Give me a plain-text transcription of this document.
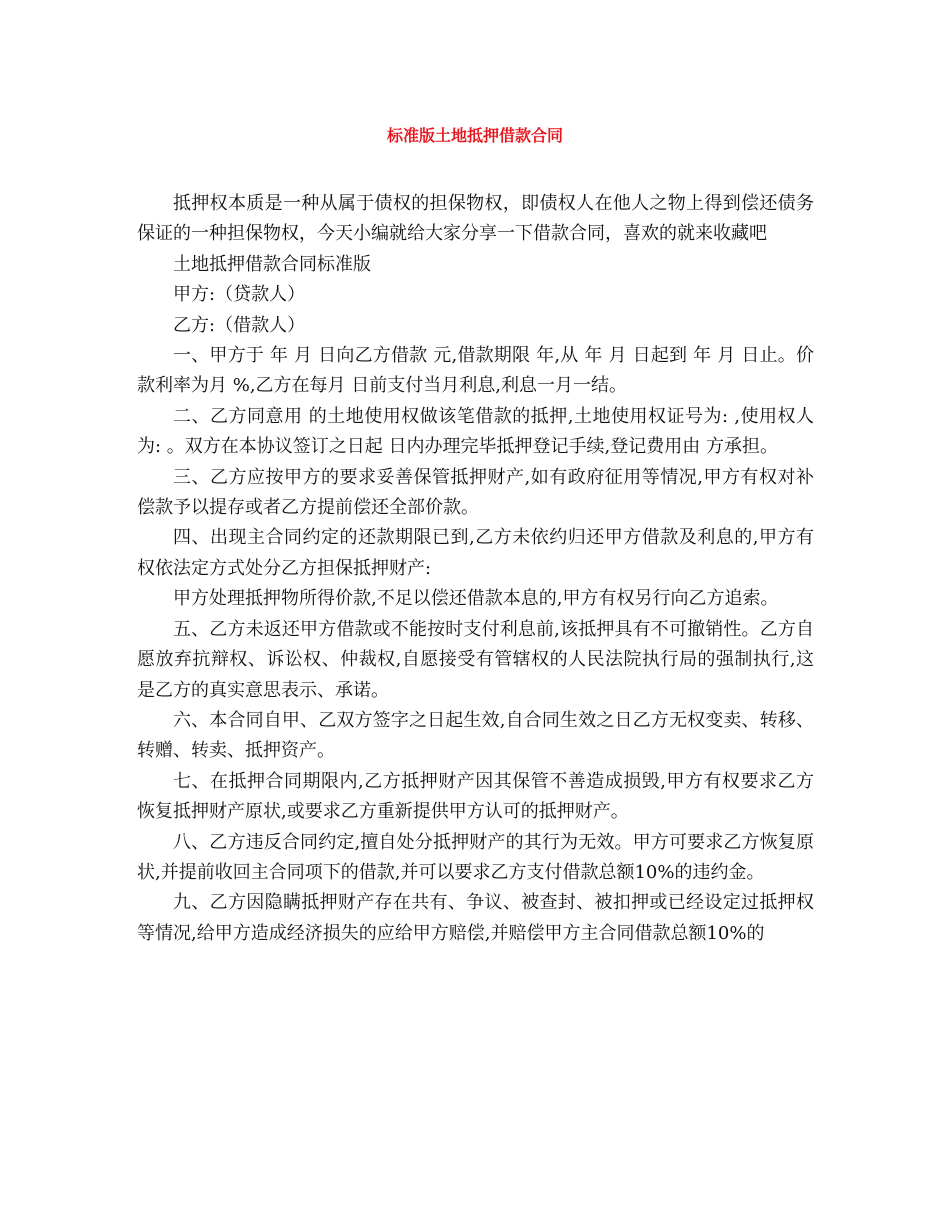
标准版土地抵押借款合同

抵押权本质是一种从属于债权的担保物权，即债权人在他人之物上得到偿还债务保证的一种担保物权，今天小编就给大家分享一下借款合同，喜欢的就来收藏吧

土地抵押借款合同标准版

甲方:（贷款人）

乙方:（借款人）

一、甲方于 年 月 日向乙方借款 元,借款期限 年,从 年 月 日起到 年 月 日止。价款利率为月 %,乙方在每月 日前支付当月利息,利息一月一结。

二、乙方同意用 的土地使用权做该笔借款的抵押,土地使用权证号为: ,使用权人为: 。双方在本协议签订之日起 日内办理完毕抵押登记手续,登记费用由 方承担。

三、乙方应按甲方的要求妥善保管抵押财产,如有政府征用等情况,甲方有权对补偿款予以提存或者乙方提前偿还全部价款。

四、出现主合同约定的还款期限已到,乙方未依约归还甲方借款及利息的,甲方有权依法定方式处分乙方担保抵押财产:

甲方处理抵押物所得价款,不足以偿还借款本息的,甲方有权另行向乙方追索。

五、乙方未返还甲方借款或不能按时支付利息前,该抵押具有不可撤销性。乙方自愿放弃抗辩权、诉讼权、仲裁权,自愿接受有管辖权的人民法院执行局的强制执行,这是乙方的真实意思表示、承诺。

六、本合同自甲、乙双方签字之日起生效,自合同生效之日乙方无权变卖、转移、转赠、转卖、抵押资产。

七、在抵押合同期限内,乙方抵押财产因其保管不善造成损毁,甲方有权要求乙方恢复抵押财产原状,或要求乙方重新提供甲方认可的抵押财产。

八、乙方违反合同约定,擅自处分抵押财产的其行为无效。甲方可要求乙方恢复原状,并提前收回主合同项下的借款,并可以要求乙方支付借款总额10%的违约金。

九、乙方因隐瞒抵押财产存在共有、争议、被查封、被扣押或已经设定过抵押权等情况,给甲方造成经济损失的应给甲方赔偿,并赔偿甲方主合同借款总额10%的
